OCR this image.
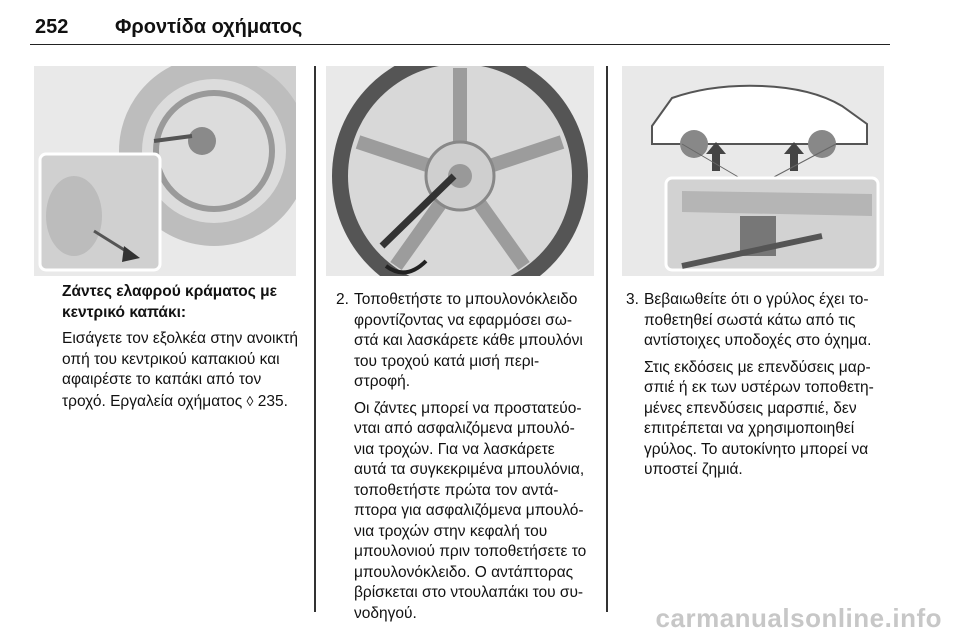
252 Φροντίδα οχήματος

Ζάντες ελαφρού κράματος με

κεντρικό καπάκι:

Εισάγετε τον εξολκέα στην ανοικτή

οπή του κεντρικού καπακιού και

αφαιρέστε το καπάκι από τον

τροχό. Εργαλεία οχήματος ◊ 235.

2. Τοποθετήστε το μπουλονόκλειδο

φροντίζοντας να εφαρμόσει σω-

στά και λασκάρετε κάθε μπουλόνι

του τροχού κατά μισή περι-

στροφή.

Οι ζάντες μπορεί να προστατεύο-

νται από ασφαλιζόμενα μπουλό-

νια τροχών. Για να λασκάρετε

αυτά τα συγκεκριμένα μπουλόνια,

τοποθετήστε πρώτα τον αντά-

πτορα για ασφαλιζόμενα μπουλό-

νια τροχών στην κεφαλή του

μπουλονιού πριν τοποθετήσετε το

μπουλονόκλειδο. Ο αντάπτορας

βρίσκεται στο ντουλαπάκι του συ-

νοδηγού.

3. Βεβαιωθείτε ότι ο γρύλος έχει το-

ποθετηθεί σωστά κάτω από τις

αντίστοιχες υποδοχές στο όχημα.

Στις εκδόσεις με επενδύσεις μαρ-

σπιέ ή εκ των υστέρων τοποθετη-

μένες επενδύσεις μαρσπιέ, δεν

επιτρέπεται να χρησιμοποιηθεί

γρύλος. Το αυτοκίνητο μπορεί να

υποστεί ζημιά.

carmanualsonline.info
